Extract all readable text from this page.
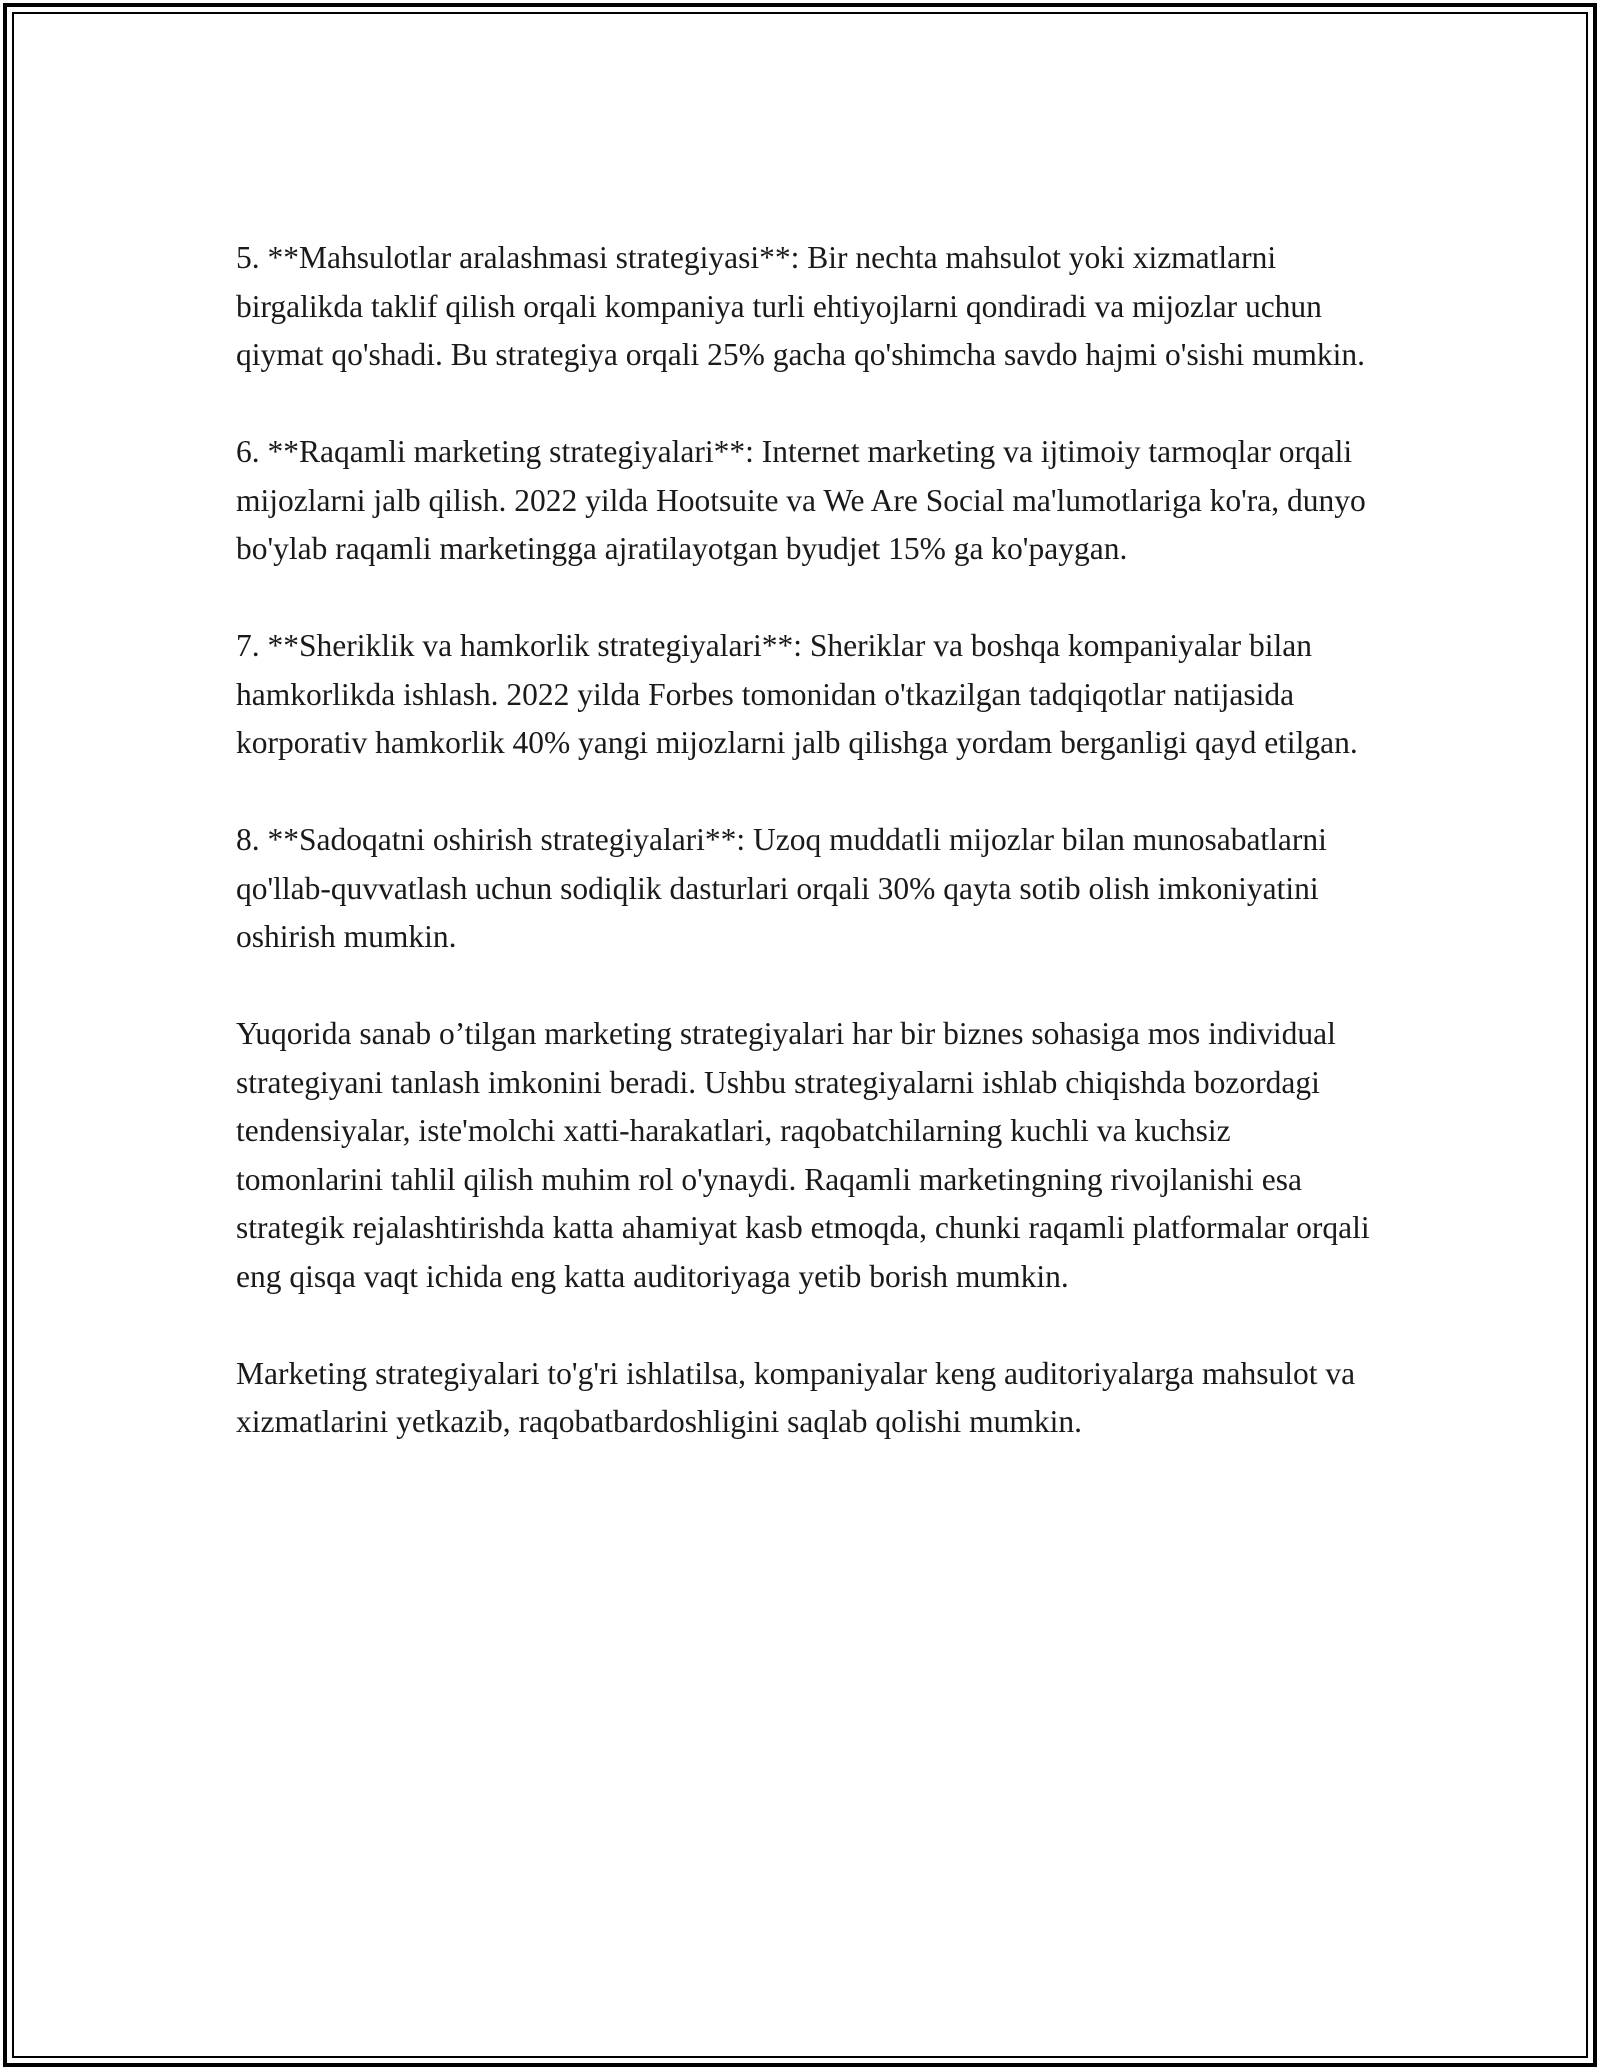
5. **Mahsulotlar aralashmasi strategiyasi**: Bir nechta mahsulot yoki xizmatlarni birgalikda taklif qilish orqali kompaniya turli ehtiyojlarni qondiradi va mijozlar uchun qiymat qo'shadi. Bu strategiya orqali 25% gacha qo'shimcha savdo hajmi o'sishi mumkin.

6. **Raqamli marketing strategiyalari**: Internet marketing va ijtimoiy tarmoqlar orqali mijozlarni jalb qilish. 2022 yilda Hootsuite va We Are Social ma'lumotlariga ko'ra, dunyo bo'ylab raqamli marketingga ajratilayotgan byudjet 15% ga ko'paygan.

7. **Sheriklik va hamkorlik strategiyalari**: Sheriklar va boshqa kompaniyalar bilan hamkorlikda ishlash. 2022 yilda Forbes tomonidan o'tkazilgan tadqiqotlar natijasida korporativ hamkorlik 40% yangi mijozlarni jalb qilishga yordam berganligi qayd etilgan.

8. **Sadoqatni oshirish strategiyalari**: Uzoq muddatli mijozlar bilan munosabatlarni qo'llab-quvvatlash uchun sodiqlik dasturlari orqali 30% qayta sotib olish imkoniyatini oshirish mumkin.

Yuqorida sanab o’tilgan marketing strategiyalari har bir biznes sohasiga mos individual strategiyani tanlash imkonini beradi. Ushbu strategiyalarni ishlab chiqishda bozordagi tendensiyalar, iste'molchi xatti-harakatlari, raqobatchilarning kuchli va kuchsiz tomonlarini tahlil qilish muhim rol o'ynaydi. Raqamli marketingning rivojlanishi esa strategik rejalashtirishda katta ahamiyat kasb etmoqda, chunki raqamli platformalar orqali eng qisqa vaqt ichida eng katta auditoriyaga yetib borish mumkin.

Marketing strategiyalari to'g'ri ishlatilsa, kompaniyalar keng auditoriyalarga mahsulot va xizmatlarini yetkazib, raqobatbardoshligini saqlab qolishi mumkin.
